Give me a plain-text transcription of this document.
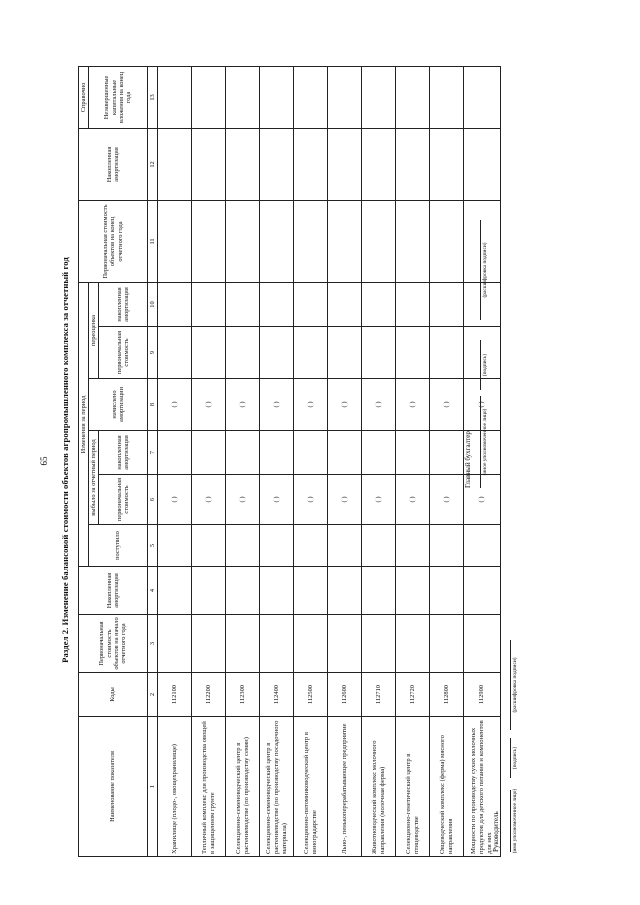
65 Раздел 2. Изменение балансовой стоимости объектов агропромышленного комплекса за отчетный год
Наименование показателя	Коды	Первоначальная стоимость объектов на начало отчетного года	Накопленная амортизация	Изменения за период						Первоначальная стоимость объектов на конец отчетного года	Накопленная амортизация	Справочно
				поступило	выбыло за отчетный период		начислено амортизации	переоценка				Незавершенные капитальные вложения на конец года
					первоначальная стоимость	накопленная амортизация		первоначальная стоимость	накопленная амортизация			
1	2	3	4	5	6	7	8	9	10	11	12	13
Хранилище (плодо-, овощехранилище)	112100				( )		( )					
Тепличный комплекс для производства овощей в защищенном грунте	112200				( )		( )					
Селекционно-семеноводческий центр в растениеводстве (по производству семян)	112300				( )		( )					
Селекционно-семеноводческий центр в растениеводстве (по производству посадочного материала)	112400				( )		( )					
Селекционно-питомниководческий центр в виноградарстве	112500				( )		( )					
Льно-, пенькоперерабатывающее предприятие	112600				( )		( )					
Животноводческий комплекс молочного направления (молочная ферма)	112710				( )		( )					
Селекционно-генетический центр в птицеводстве	112720				( )		( )					
Овцеводческий комплекс (ферма) мясного направления	112800				( )		( )					
Мощности по производству сухих молочных продуктов для детского питания и компонентов для них	112900				( )		( )					
Руководитель (имя уполномоченное лицо)
(подпись)
(расшифровка подписи)
Главный бухгалтер (иное уполномоченное лицо)
(подпись)
(расшифровка подписи)
